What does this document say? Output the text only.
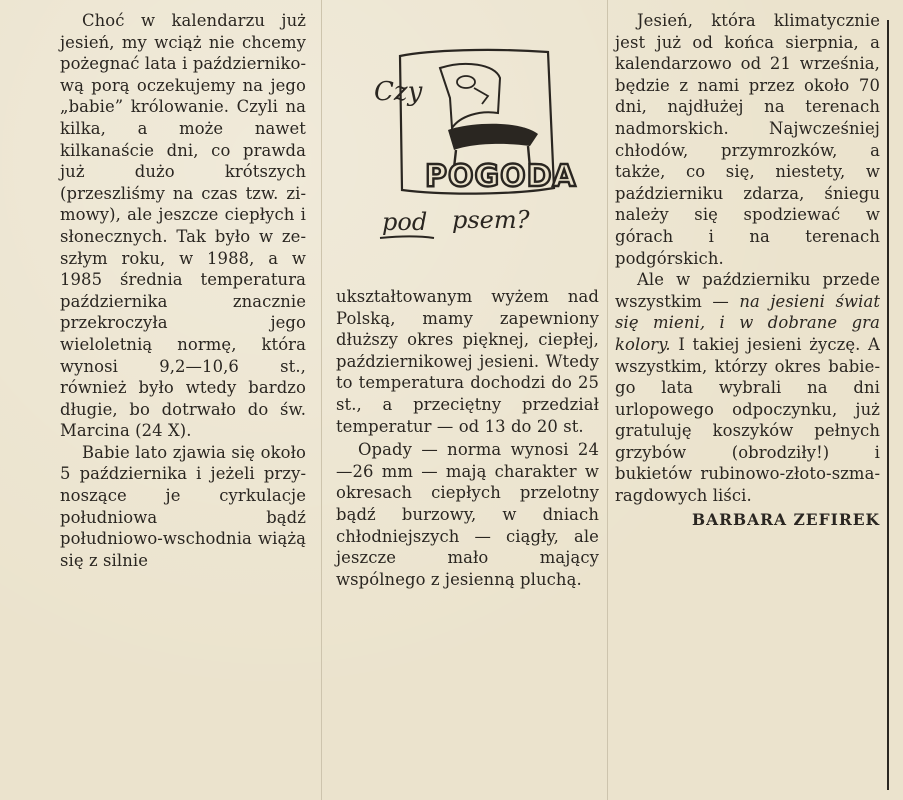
Choć w kalendarzu już jesień, my wciąż nie chcemy pożegnać lata i październikową porą oczekujemy na jego „babie” królowanie. Czyli na kilka, a może nawet kilkanaście dni, co prawda już dużo krótszych (przeszliśmy na czas tzw. zimowy), ale jeszcze ciepłych i słonecznych. Tak było w zeszłym roku, w 1988, a w 1985 średnia temperatura października znacznie przekroczyła jego wieloletnią normę, która wynosi 9,2—10,6 st., również było wtedy bardzo długie, bo dotrwało do św. Marcina (24 X).

Babie lato zjawia się około 5 października i jeżeli przynoszące je cyrkulacje południowa bądź południowo-wschodnia wiążą się z silnie

Czy
POGODA
pod psem?

ukształtowanym wyżem nad Polską, mamy zapewniony dłuższy okres pięknej, ciepłej, październikowej jesieni. Wtedy to temperatura dochodzi do 25 st., a przeciętny przedział temperatur — od 13 do 20 st.

Opady — norma wynosi 24—26 mm — mają charakter w okresach ciepłych przelotny bądź burzowy, w dniach chłodniejszych — ciągły, ale jeszcze mało mający wspólnego z jesienną pluchą.

Jesień, która klimatycznie jest już od końca sierpnia, a kalendarzowo od 21 września, będzie z nami przez około 70 dni, najdłużej na terenach nadmorskich. Najwcześniej chłodów, przymrozków, a także, co się, niestety, w październiku zdarza, śniegu należy się spodziewać w górach i na terenach podgórskich.

Ale w październiku przede wszystkim — na jesieni świat się mieni, i w dobrane gra kolory. I takiej jesieni życzę. A wszystkim, którzy okres babiego lata wybrali na dni urlopowego odpoczynku, już gratuluję koszyków pełnych grzybów (obrodziły!) i bukietów rubinowo-złoto-szmaragdowych liści.

BARBARA ZEFIREK
